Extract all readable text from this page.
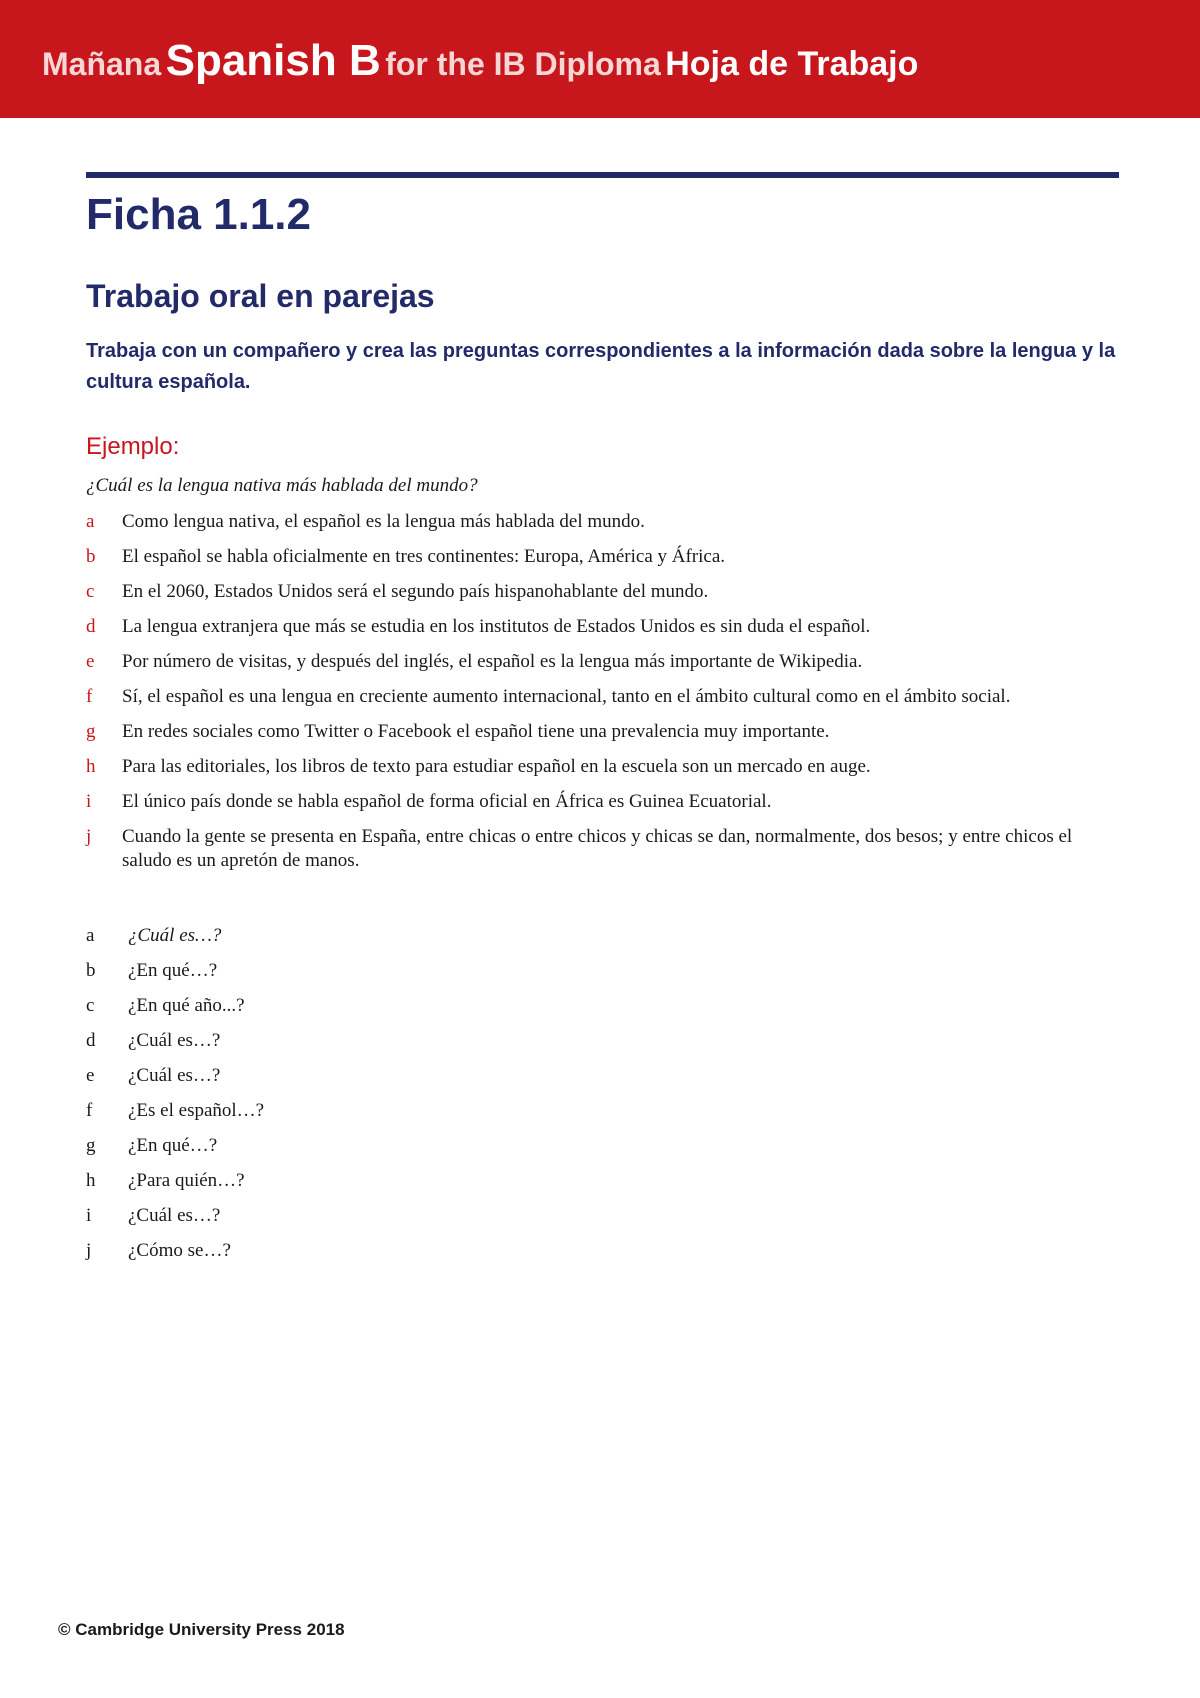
Mañana Spanish B for the IB Diploma Hoja de Trabajo
Ficha 1.1.2
Trabajo oral en parejas

Trabaja con un compañero y crea las preguntas correspondientes a la información dada sobre la lengua y la cultura española.

Ejemplo:

¿Cuál es la lengua nativa más hablada del mundo?

a	Como lengua nativa, el español es la lengua más hablada del mundo.
b	El español se habla oficialmente en tres continentes: Europa, América y África.
c	En el 2060, Estados Unidos será el segundo país hispanohablante del mundo.
d	La lengua extranjera que más se estudia en los institutos de Estados Unidos es sin duda el español.
e	Por número de visitas, y después del inglés, el español es la lengua más importante de Wikipedia.
f	Sí, el español es una lengua en creciente aumento internacional, tanto en el ámbito cultural como en el ámbito social.
g	En redes sociales como Twitter o Facebook el español tiene una prevalencia muy importante.
h	Para las editoriales, los libros de texto para estudiar español en la escuela son un mercado en auge.
i	El único país donde se habla español de forma oficial en África es Guinea Ecuatorial.
j	Cuando la gente se presenta en España, entre chicas o entre chicos y chicas se dan, normalmente, dos besos; y entre chicos el saludo es un apretón de manos.
a	¿Cuál es…?
b	¿En qué…?
c	¿En qué año...?
d	¿Cuál es…?
e	¿Cuál es…?
f	¿Es el español…?
g	¿En qué…?
h	¿Para quién…?
i	¿Cuál es…?
j	¿Cómo se…?
© Cambridge University Press 2018
